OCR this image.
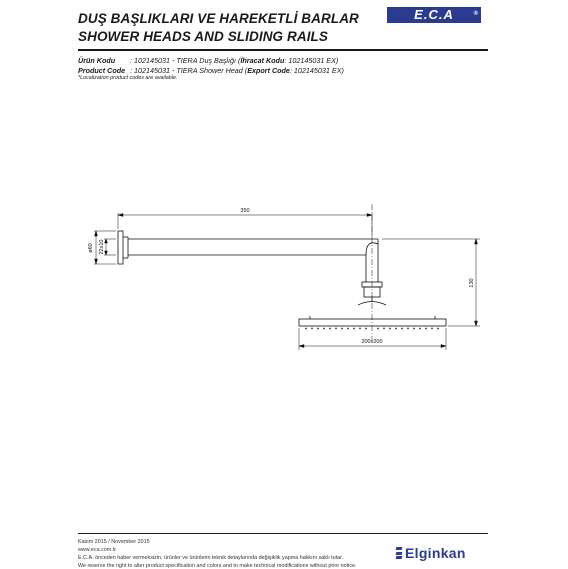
DUŞ BAŞLIKLARI VE HAREKETLİ BARLAR
SHOWER HEADS AND SLIDING RAILS
E.C.A	®
Ürün Kodu : 102145031 - TIERA Duş Başlığı (İhracat Kodu: 102145031 EX)
Product Code : 102145031 - TIERA Shower Head (Export Code: 102145031 EX)
*Localization product codes are available.
350
200x200
ø60 22x10
130
Kasım 2015 / November 2015
www.eca.com.tr
E.C.A. önceden haber vermeksizin, ürünler ve ürünlerin teknik detaylarında değişiklik yapma hakkını saklı tutar.
We reserve the right to alter product specification and colors and to make technical modifications without prior notice.
Elginkan
